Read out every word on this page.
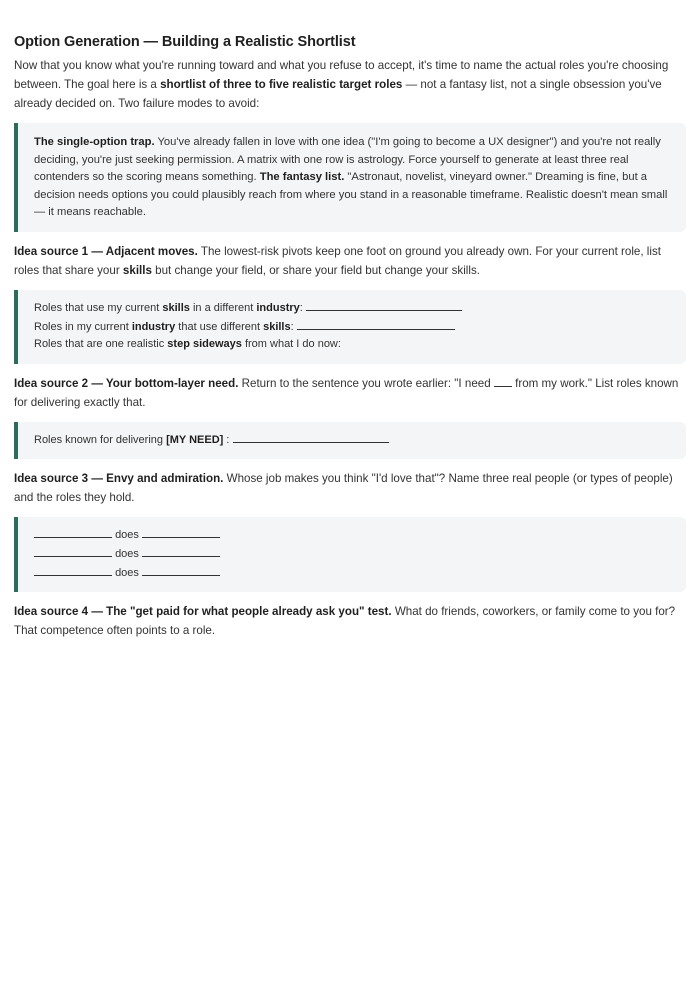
Option Generation — Building a Realistic Shortlist

Now that you know what you're running toward and what you refuse to accept, it's time to name the actual roles you're choosing between. The goal here is a shortlist of three to five realistic target roles — not a fantasy list, not a single obsession you've already decided on. Two failure modes to avoid:

The single-option trap. You've already fallen in love with one idea ("I'm going to become a UX designer") and you're not really deciding, you're just seeking permission. A matrix with one row is astrology. Force yourself to generate at least three real contenders so the scoring means something. The fantasy list. "Astronaut, novelist, vineyard owner." Dreaming is fine, but a decision needs options you could plausibly reach from where you stand in a reasonable timeframe. Realistic doesn't mean small — it means reachable.

Idea source 1 — Adjacent moves. The lowest-risk pivots keep one foot on ground you already own. For your current role, list roles that share your skills but change your field, or share your field but change your skills.

Roles that use my current skills in a different industry:
Roles in my current industry that use different skills:
Roles that are one realistic step sideways from what I do now:

Idea source 2 — Your bottom-layer need. Return to the sentence you wrote earlier: "I need  from my work." List roles known for delivering exactly that.

Roles known for delivering [MY NEED] :

Idea source 3 — Envy and admiration. Whose job makes you think "I'd love that"? Name three real people (or types of people) and the roles they hold.

does
does
does

Idea source 4 — The "get paid for what people already ask you" test. What do friends, coworkers, or family come to you for? That competence often points to a role.
